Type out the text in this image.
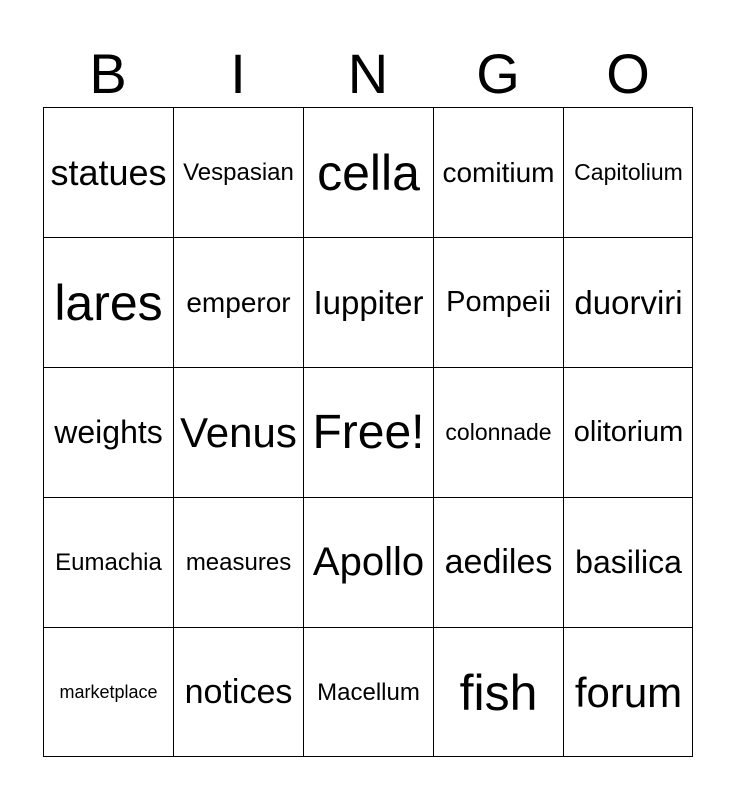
B	I	N	G	O
statues Vespasian cella comitium Capitolium
lares emperor Iuppiter Pompeii duorviri
weights Venus Free! colonnade olitorium
Eumachia measures Apollo aediles basilica
marketplace notices	Macellum fish forum
